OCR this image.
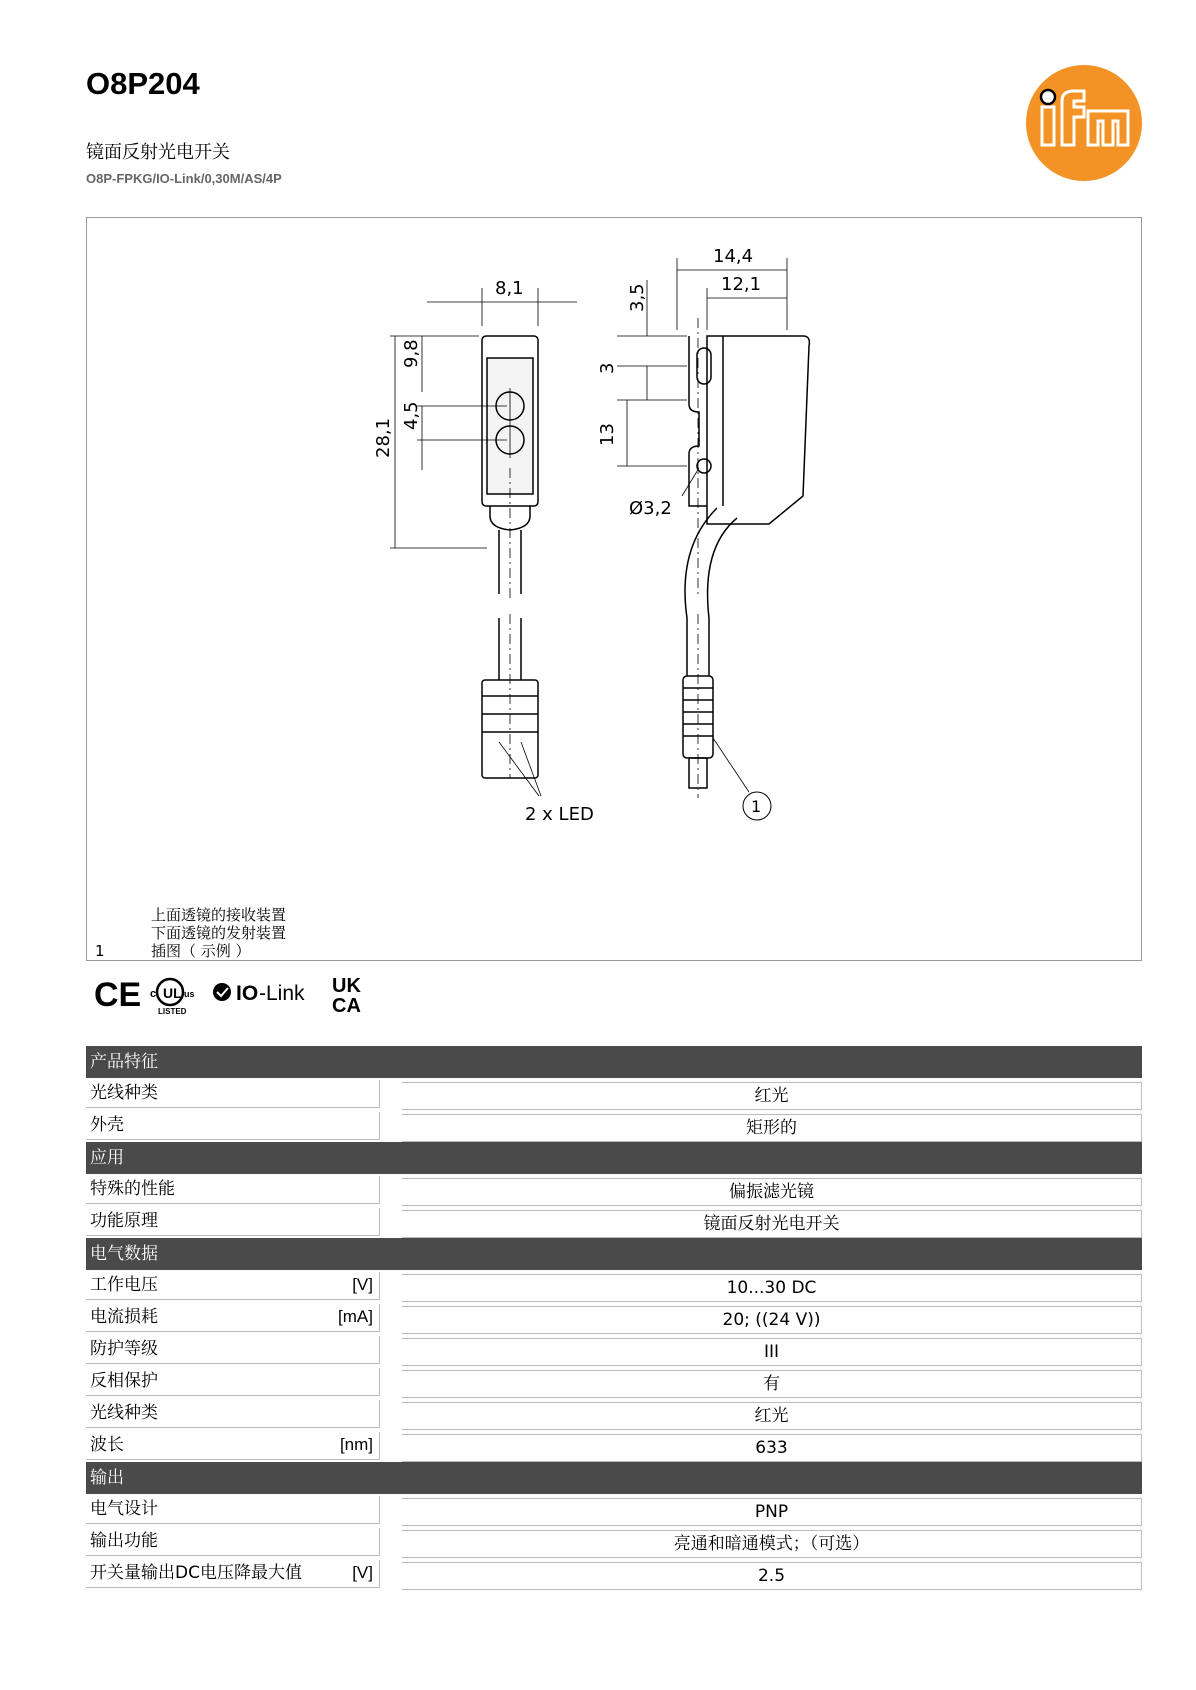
O8P204
镜面反射光电开关
O8P-FPKG/IO-Link/0,30M/AS/4P
8,1
9,8
4,5
28,1
14,4
12,1
3,5
3
13
Ø3,2
2 x LED	1
1
上面透镜的接收装置
下面透镜的发射装置
插图（ 示例 ）
CE c UL us
LISTED
IO -Link UK
CA
产品特征
光线种类	红光
外壳	矩形的
应用
特殊的性能	偏振滤光镜
功能原理	镜面反射光电开关
电气数据
工作电压	[V]	10...30 DC
电流损耗	[mA]	20; ((24 V))
防护等级	III
反相保护	有
光线种类	红光
波长	[nm]	633
输出
电气设计	PNP
输出功能	亮通和暗通模式；（可选）
开关量输出DC电压降最大值	[V]	2.5
